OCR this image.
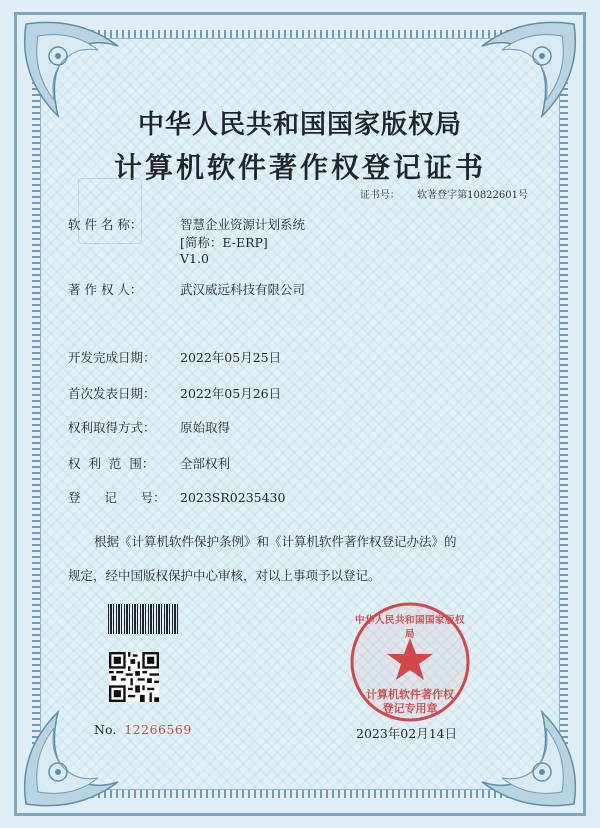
中华人民共和国国家版权局
计算机软件著作权登记证书
证书号： 软著登字第10822601号
软 件 名 称：	智慧企业资源计划系统
[简称：E-ERP]
V1.0
著 作 权 人：	武汉威远科技有限公司
开发完成日期： 2022年05月25日
首次发表日期： 2022年05月26日
权利取得方式： 原始取得
权  利  范  围： 全部权利
登      记      号： 2023SR0235430
根据《计算机软件保护条例》和《计算机软件著作权登记办法》的
规定，经中国版权保护中心审核，对以上事项予以登记。
No. 12266569
中华人民共和国国家版权局
计算机软件著作权
登记专用章
2023年02月14日
